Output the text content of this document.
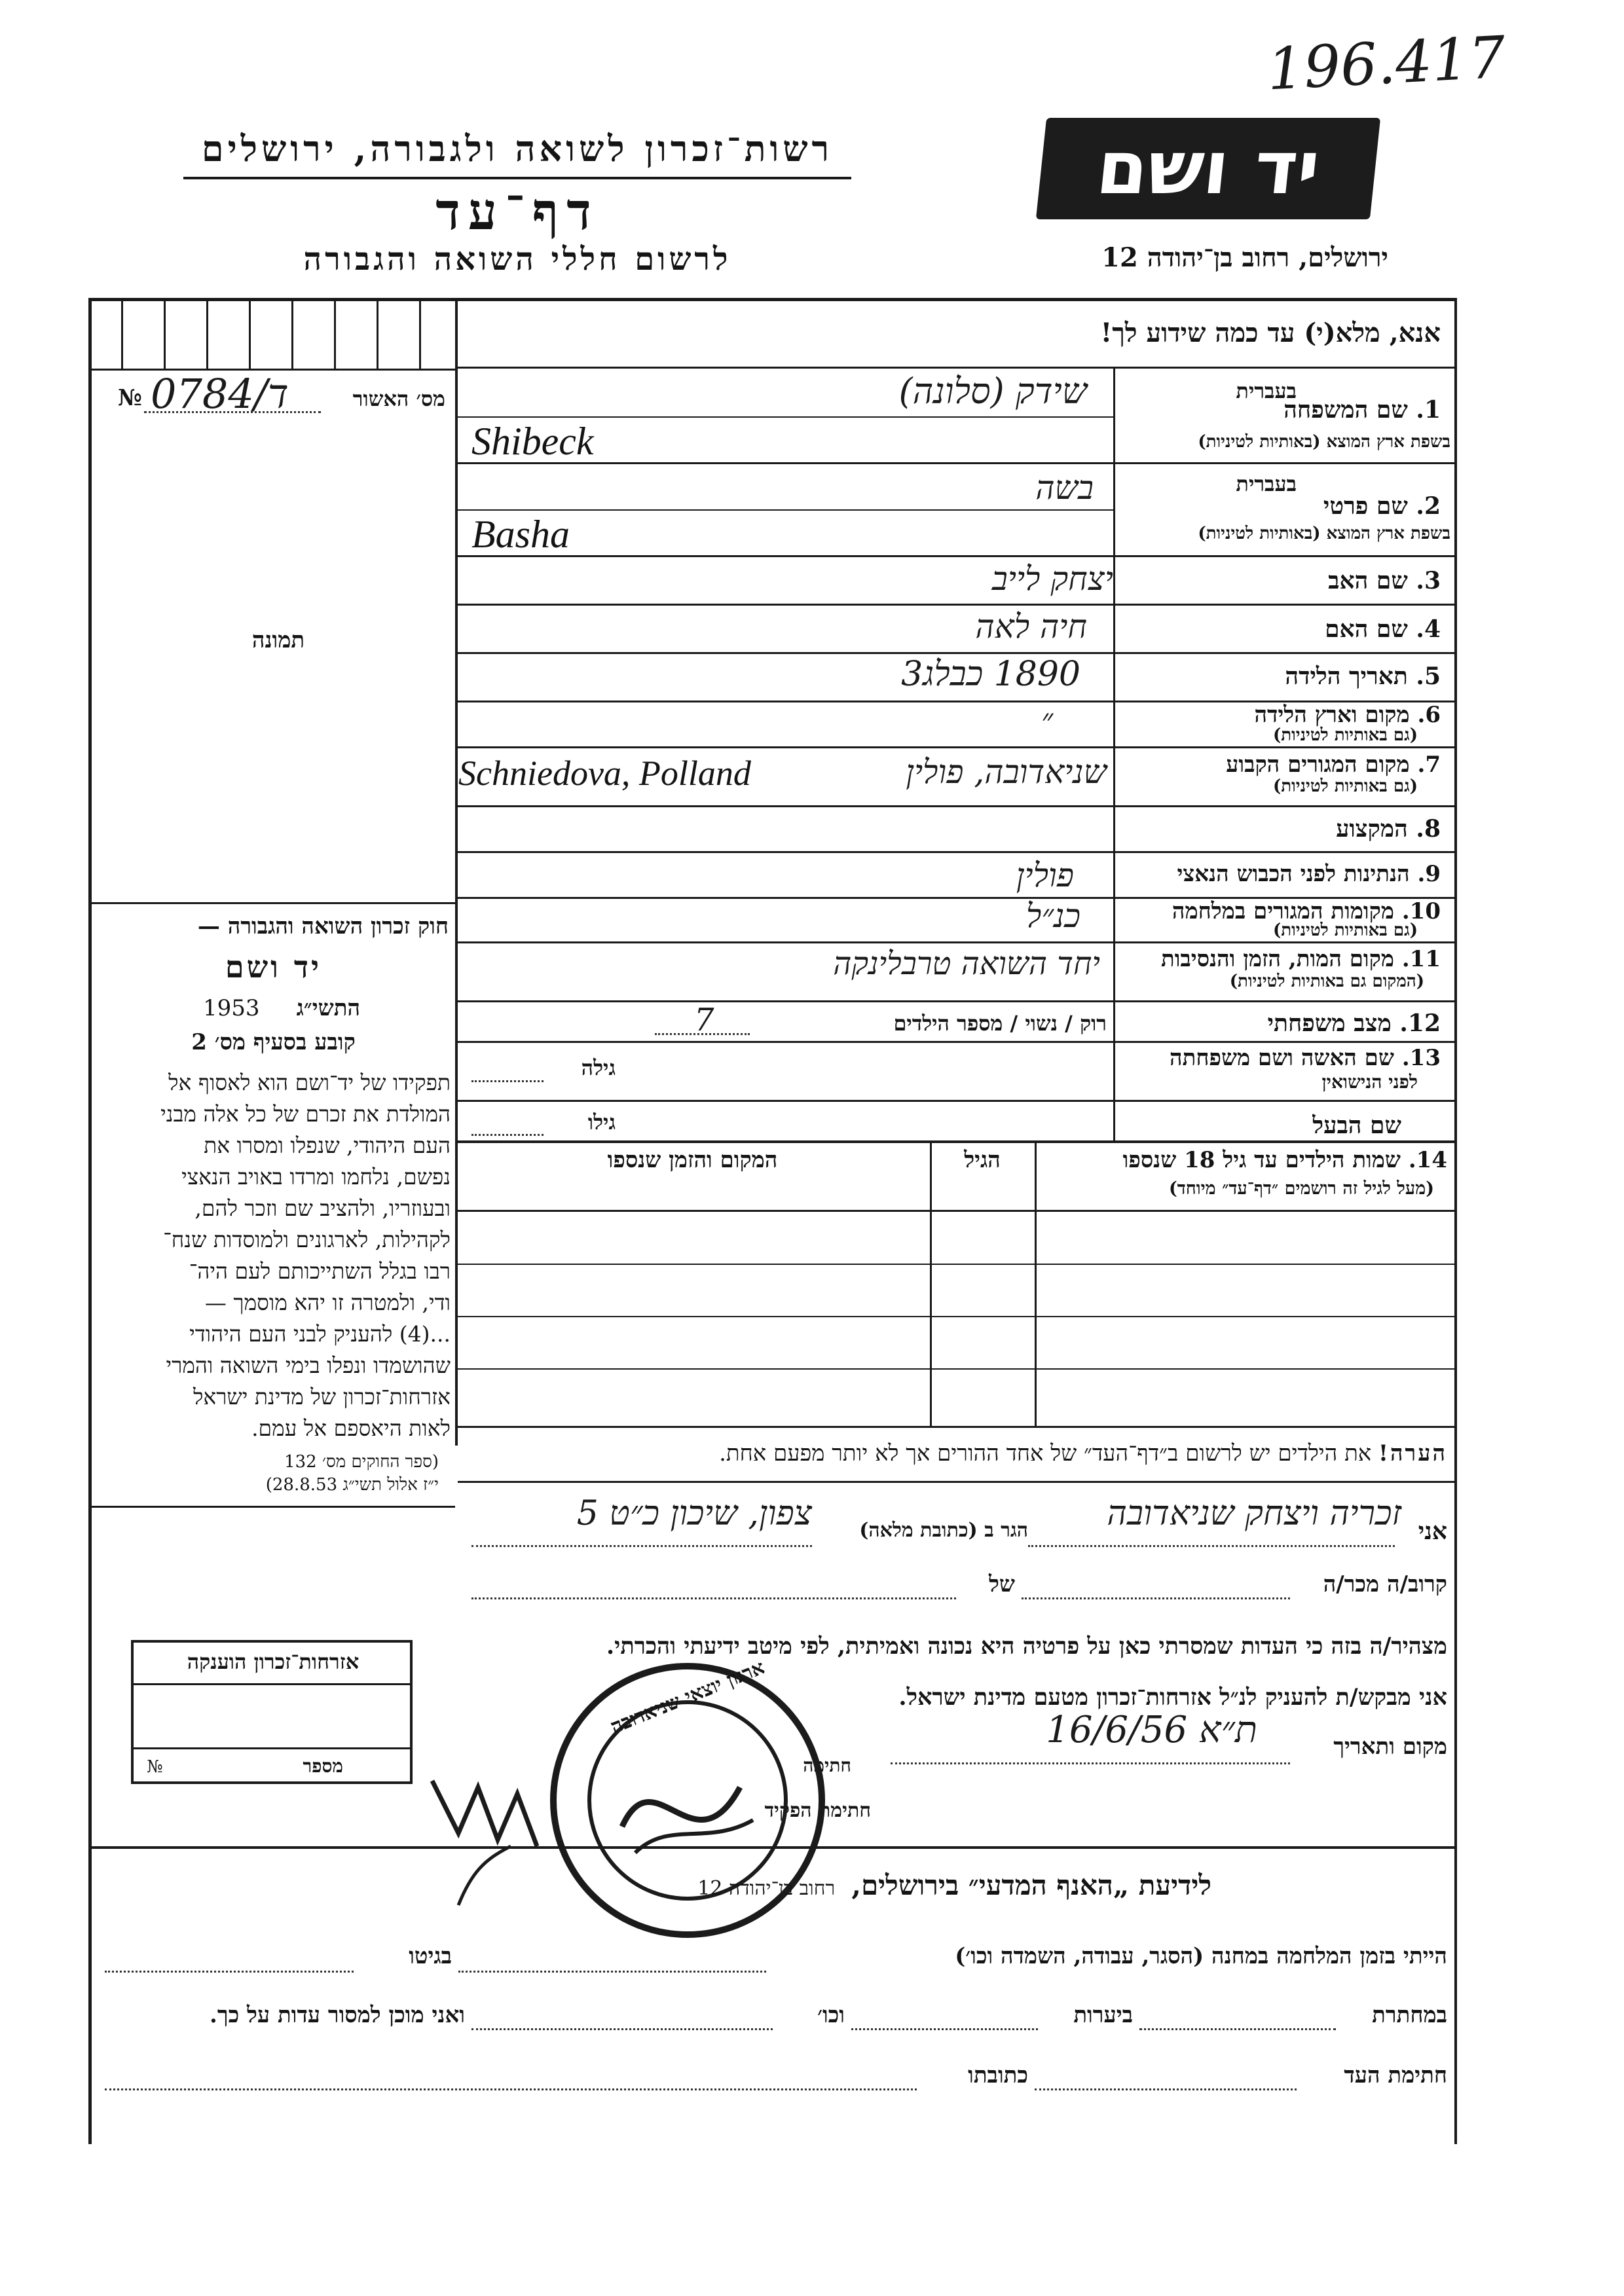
196.417
יד ושם
ירושלים, רחוב בן־יהודה 12
רשות־זכרון לשואה ולגבורה, ירושלים
דף־עד
לרשום חללי השואה והגבורה
אנא, מלא(י) עד כמה שידוע לך!
מס׳ האשור
№ 0784/ד
תמונה
חוק זכרון השואה והגבורה —
יד ושם
1953	התשי״ג
קובע בסעיף מס׳ 2
תפקידו של יד־ושם הוא לאסוף אל
המולדת את זכרם של כל אלה מבני
העם היהודי, שנפלו ומסרו את
נפשם, נלחמו ומרדו באויב הנאצי
ובעוזריו, ולהציב שם וזכר להם,
לקהילות, לארגונים ולמוסדות שנח־
רבו בגלל השתייכותם לעם היה־
ודי, ולמטרה זו יהא מוסמך —
...(4) להעניק לבני העם היהודי
שהושמדו ונפלו בימי השואה והמרי
אזרחות־זכרון של מדינת ישראל
לאות היאספם אל עמם.
(ספר החוקים מס׳ 132
י״ז אלול תשי״ג 28.8.53)
1. שם המשפחה
בעברית
בשפת ארץ המוצא (באותיות לטיניות)
שידק (סלונה)
Shibeck
בעברית
2. שם פרטי
בשפת ארץ המוצא (באותיות לטיניות)
בשה
Basha
3. שם האב
יצחק לייב
4. שם האם
חיה לאה
5. תאריך הלידה
1890 כבלג3
6. מקום וארץ הלידה
(גם באותיות לטיניות)
״
7. מקום המגורים הקבוע
(גם באותיות לטיניות)
שניאדובה, פולין
Schniedova, Polland
8. המקצוע
9. הנתינות לפני הכבוש הנאצי
פולין
10. מקומות המגורים במלחמה
(גם באותיות לטיניות)
כנ״ל
11. מקום המות, הזמן והנסיבות
(המקום גם באותיות לטיניות)
יחד השואה טרבלינקה
12. מצב משפחתי
רוק / נשוי / מספר הילדים
7
13. שם האשה ושם משפחתה
לפני הנישואין
גילה
שם הבעל
גילו
14. שמות הילדים עד גיל 18 שנספו
(מעל לגיל זה רושמים ״דף־עד״ מיוחד)
הגיל
המקום והזמן שנספו
הערה! את הילדים יש לרשום ב״דף־העד״ של אחד ההורים אך לא יותר מפעם אחת.
אני
זכריה ויצחק שניאדובה
הגר ב (כתובת מלאה)
צפון, שיכון כ״ט 5
קרוב/ה מכר/ה
של
מצהיר/ה בזה כי העדות שמסרתי כאן על פרטיה היא נכונה ואמיתית, לפי מיטב ידיעתי והכרתי.
אני מבקש/ת להעניק לנ״ל אזרחות־זכרון מטעם מדינת ישראל.
מקום ותאריך
ת״א 16/6/56
חתימה
חתימת הפקיד
ארגון יוצאי שניאדובה
אזרחות־זכרון הוענקה
№	מספר
לידיעת „האנף המדעי״ בירושלים, רחוב בן־יהודה 12
הייתי בזמן המלחמה במחנה (הסגר, עבודה, השמדה וכו׳)
בגיטו
במחתרת
ביערות
וכו׳
ואני מוכן למסור עדות על כך.
חתימת העד
כתובתו
